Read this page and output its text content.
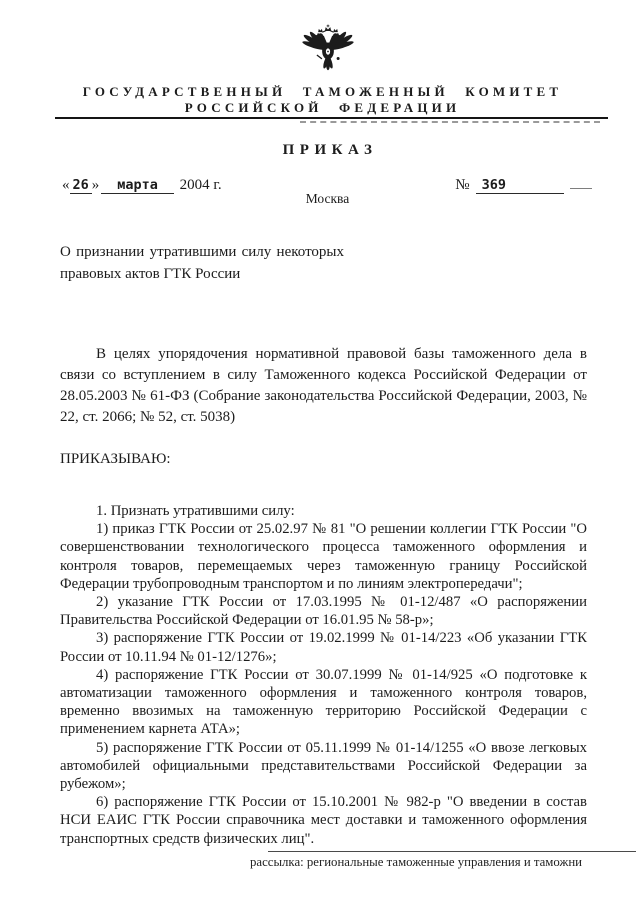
ГОСУДАРСТВЕННЫЙ ТАМОЖЕННЫЙ КОМИТЕТ
РОССИЙСКОЙ ФЕДЕРАЦИИ
ПРИКАЗ
« 26 » марта 2004 г.	№ 369
Москва
О признании утратившими силу некоторых правовых актов ГТК России
В целях упорядочения нормативной правовой базы таможенного дела в связи со вступлением в силу Таможенного кодекса Российской Федерации от 28.05.2003 № 61-ФЗ (Собрание законодательства Российской Федерации, 2003, № 22, ст. 2066; № 52, ст. 5038)
ПРИКАЗЫВАЮ:

1. Признать утратившими силу:

1) приказ ГТК России от 25.02.97 № 81 "О решении коллегии ГТК России "О совершенствовании технологического процесса таможенного оформления и контроля товаров, перемещаемых через таможенную границу Российской Федерации трубопроводным транспортом и по линиям электропередачи";

2) указание ГТК России от 17.03.1995 № 01-12/487 «О распоряжении Правительства Российской Федерации от 16.01.95 № 58-р»;

3) распоряжение ГТК России от 19.02.1999 № 01-14/223 «Об указании ГТК России от 10.11.94 № 01-12/1276»;

4) распоряжение ГТК России от 30.07.1999 № 01-14/925 «О подготовке к автоматизации таможенного оформления и таможенного контроля товаров, временно ввозимых на таможенную территорию Российской Федерации с применением карнета АТА»;

5) распоряжение ГТК России от 05.11.1999 № 01-14/1255 «О ввозе легковых автомобилей официальными представительствами Российской Федерации за рубежом»;

6) распоряжение ГТК России от 15.10.2001 № 982-р "О введении в состав НСИ ЕАИС ГТК России справочника мест доставки и таможенного оформления транспортных средств физических лиц".

рассылка: региональные таможенные управления и таможни
